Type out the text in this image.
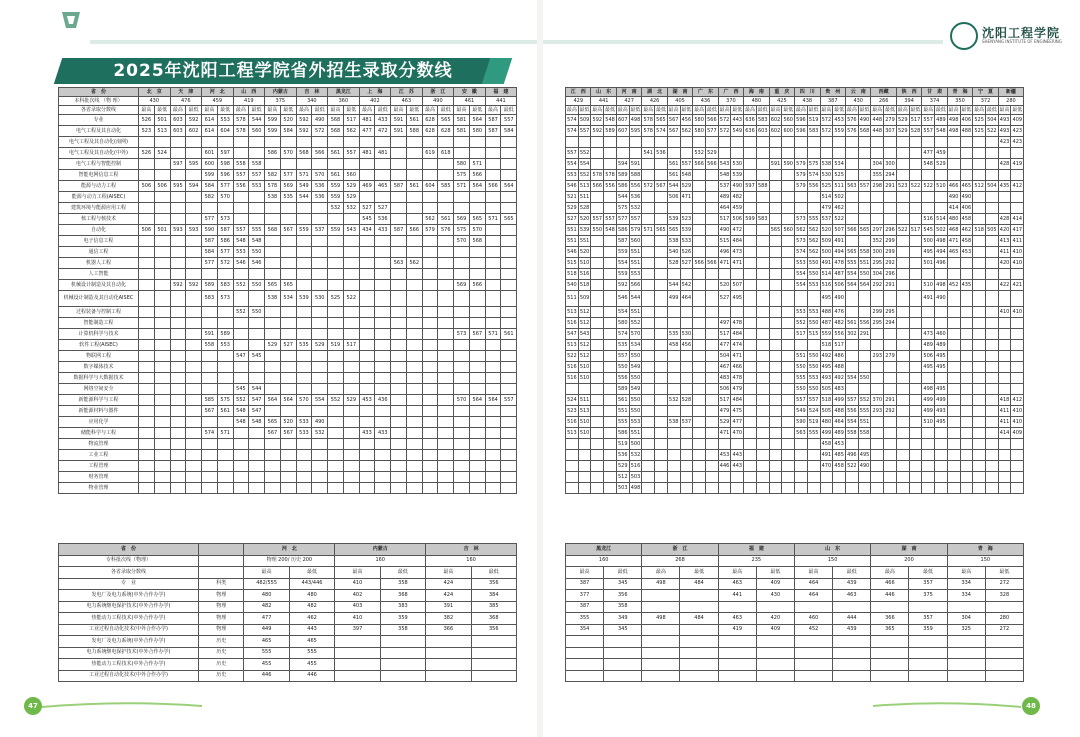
2025年沈阳工程学院省外招生录取分数线
47	48
沈阳工程学院
SHENYANG INSTITUTE OF ENGINEERING
省　份	北　京		天　津		河　北		山　西		内蒙古		吉　林		黑龙江		上　海		江　苏		浙　江		安　徽		福　建	
本科批次线 （物 理）	430		476		459		419		375		340		360		402		463		490		461		441	
各省录取分数线	最高	最低	最高	最低	最高	最低	最高	最低	最高	最低	最高	最低	最高	最低	最高	最低	最高	最低	最高	最低	最高	最低	最高	最低
专业	526	501	603	592	614	553	578	544	599	520	592	490	568	517	481	433	591	561	628	565	581	564	587	557
电气工程及其自动化	523	513	603	602	614	604	578	560	599	584	592	572	568	562	477	472	591	588	628	628	581	580	587	584
电气工程及其自动化(南网)																								
电气工程及其自动化(中外)	526	524			601	597			586	570	568	566	561	557	481	481			619	618				
电气工程与智能控制			597	595	600	598	558	558													580	571		
智能电网信息工程					599	596	557	557	582	577	571	570	561	560							575	566		
能源与动力工程	506	506	595	594	584	577	556	553	578	569	549	536	559	529	469	465	587	561	604	585	571	564	566	564
能源与动力工程(AISEC)					582	570			538	535	544	536	559	529										
建筑环境与能源应用工程													532	532	527	527								
核工程与核技术					577	573									545	536			562	561	569	565	571	565
自动化	506	501	593	593	590	587	557	555	568	567	559	537	559	543	434	433	587	566	579	576	575	570		
电子信息工程					587	586	548	548													570	568		
通信工程					584	577	553	550																
机器人工程					577	572	546	546									563	562						
人工智能																								
机械设计制造及其自动化			592	592	589	583	552	550	565	565											569	566		
机械设计制造及其自动化AISEC					583	573			538	534	539	530	525	522										
过程装备与控制工程							552	550																
智能制造工程																								
计算机科学与技术					591	589															573	567	571	561
软件工程(AISEC)					558	553			529	527	535	529	519	517										
物联网工程							547	545																
数字媒体技术																								
数据科学与大数据技术																								
网络空间安全							545	544																
新能源科学与工程					585	575	552	547	564	564	570	554	552	529	453	436					570	564	564	557
新能源材料与器件					567	561	548	547																
应用化学							548	548	565	520	533	490												
储能科学与工程					574	571			567	567	533	532			433	433								
物流管理																								
工业工程																								
工程管理																								
财务管理																								
物业管理																								
省　份		河　北		内蒙古		吉　林	
专科批次线（物理）		物理 200/ 历史 200		160		160	
各省录取分数线		最高	最低	最高	最低	最高	最低
专　业	科类	482/555	443/446	410	358	424	356
发电厂及电力系统(中外合作办学)	物理	480	480	402	368	424	384
电力系统继电保护技术(中外合作办学)	物理	482	482	403	383	391	385
热能动力工程技术(中外合作办学)	物理	477	462	410	359	382	368
工业过程自动化技术(中外合作办学)	物理	449	443	397	358	366	356
发电厂及电力系统(中外合作办学)	历史	465	465				
电力系统继电保护技术(中外合作办学)	历史	555	555				
热能动力工程技术(中外合作办学)	历史	455	455				
工业过程自动化技术(中外合作办学)	历史	446	446				
江　西		山　东		河　南		湖　北		湖　南		广　东		广　西		海　南		重　庆		四　川		贵　州		云　南		西藏		陕　西		甘　肃		青　海		宁　夏		新疆	
429		441		427		426		405		436		370		480		425		438		387		430		266		394		374		350		372		280	
最高	最低	最高	最低	最高	最低	最高	最低	最高	最低	最高	最低	最高	最低	最高	最低	最高	最低	最高	最低	最高	最低	最高	最低	最高	最低	最高	最低	最高	最低	最高	最低	最高	最低	最高	最低
574	509	592	548	607	498	578	565	567	456	580	566	572	443	636	583	602	560	596	519	572	453	576	490	448	279	529	517	557	489	498	406	525	504	493	409
574	557	592	589	607	595	578	574	567	562	580	577	572	549	636	603	602	600	596	583	572	559	576	568	448	307	529	528	557	548	498	488	525	522	493	423
																																		423	423
557	552					541	536			532	529																	477	459						
554	554			594	591			561	557	566	566	543	530			591	590	579	575	538	534			304	300			548	529					428	419
553	552	578	578	589	588			561	548			548	539					579	574	530	525			355	294										
546	513	566	556	586	556	572	567	544	529			537	490	597	588			579	556	525	511	563	557	298	291	523	522	522	510	466	465	512	504	435	412
521	511			544	536			506	471			489	482							514	502									490	490				
529	528			575	532							464	459							479	462									414	406				
527	520	557	557	577	557			539	523			517	506	599	583			573	555	537	522							516	514	480	458			428	414
551	539	550	548	586	579	571	565	565	539			490	472			565	560	562	562	520	507	566	565	297	296	522	517	545	502	468	462	518	505	420	417
551	551			587	560			538	533			515	484					573	562	509	491			352	299			500	498	471	458			413	411
546	520			559	551			540	526			496	473					574	562	500	494	565	558	300	299			495	494	465	453			411	410
515	510			554	551			528	527	566	566	471	471					553	550	491	478	555	551	295	292			501	496					420	410
518	516			559	553													554	550	514	487	554	550	304	296										
540	518			592	566			544	542			520	507					554	553	516	506	564	564	292	291			510	498	452	435			422	421
511	509			546	544			499	464			527	495							495	490							491	490						
513	512			554	551													553	553	488	476			299	295									410	410
516	512			580	552							497	478					552	550	487	482	561	556	295	294										
547	543			574	570			535	530			517	484					517	515	559	556	302	291					473	460						
513	512			535	534			458	456			477	474							518	517							489	489						
522	512			557	550							504	471					551	550	492	486			293	279			506	495						
516	510			550	549							467	466					550	550	495	488							495	495						
516	510			556	550							483	478					555	553	493	492	554	550												
				589	549							506	479					550	550	505	483							498	495						
524	511			561	550			532	528			517	484					557	557	518	499	557	552	370	291			499	499					418	412
523	513			551	550							479	475					549	524	505	488	556	555	293	292			499	493					411	410
516	510			555	553			538	537			529	477					590	519	480	464	554	551					510	495					411	410
513	510			586	551							471	470					563	555	499	489	558	558											414	409
				519	500															458	453														
				536	532							453	443							491	485	496	495												
				529	516							446	443							470	458	522	490												
				512	503																														
				503	498																														
黑龙江		浙　江		福　建		山　东		湖　南		青　海	
160		268		235		150		200		150	
最高	最低	最高	最低	最高	最低	最高	最低	最高	最低	最高	最低
387	345	498	484	463	409	464	439	466	357	334	272
377	356			441	430	464	463	446	375	334	328
387	358										
355	349	498	484	463	420	460	444	366	357	304	280
354	345			419	409	452	439	365	359	325	272
